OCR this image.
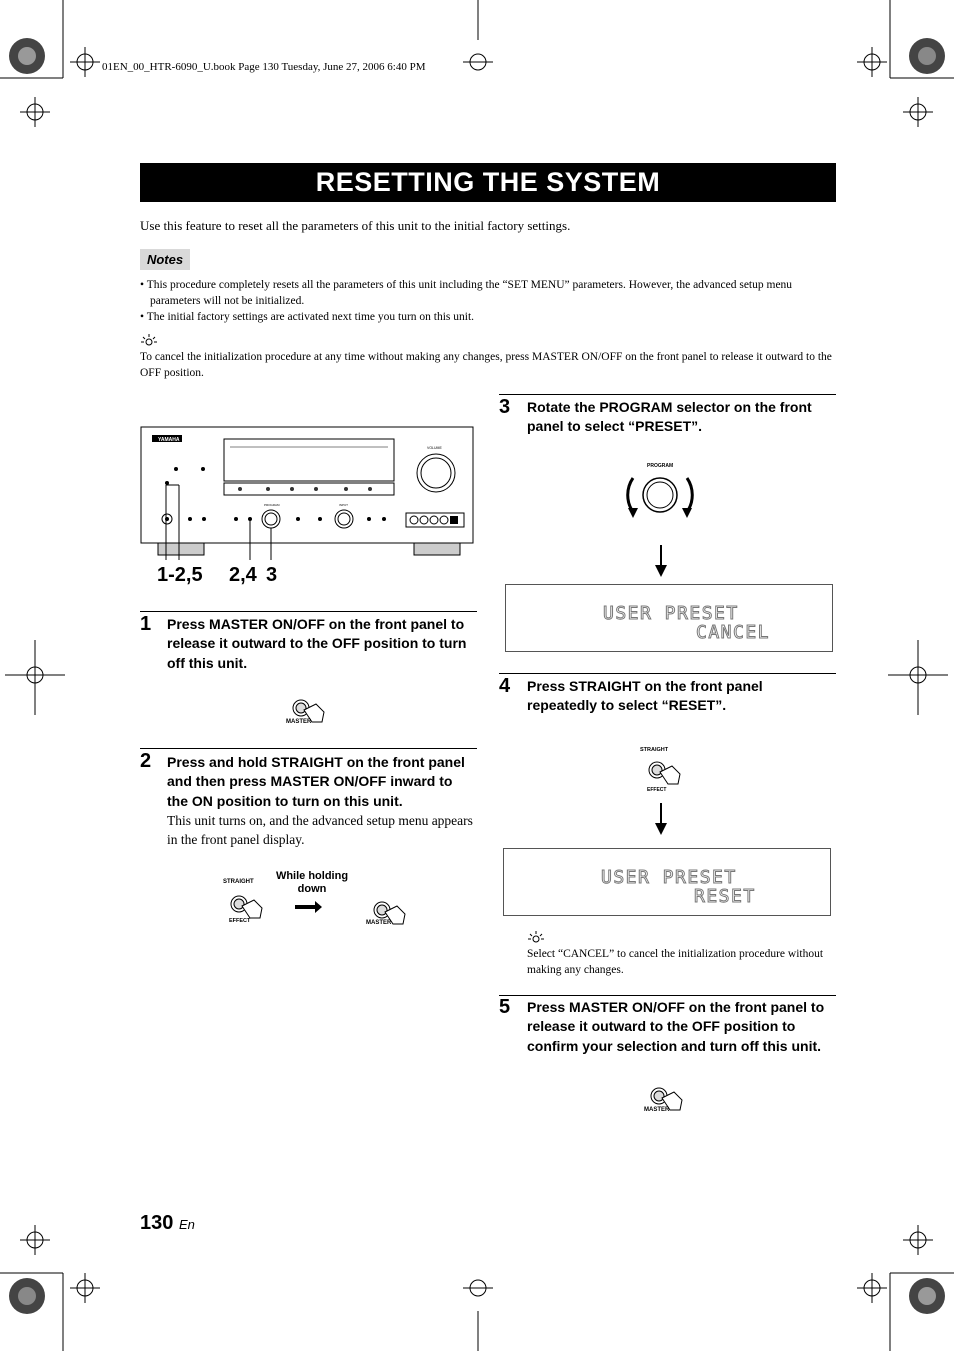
01EN_00_HTR-6090_U.book Page 130 Tuesday, June 27, 2006 6:40 PM
RESETTING THE SYSTEM
Use this feature to reset all the parameters of this unit to the initial factory settings.
Notes
• This procedure completely resets all the parameters of this unit including the “SET MENU” parameters. However, the advanced setup menu parameters will not be initialized.
• The initial factory settings are activated next time you turn on this unit.
To cancel the initialization procedure at any time without making any changes, press MASTER ON/OFF on the front panel to release it outward to the OFF position.
YAMAHA
VOLUME
PROGRAM	INPUT
1-2,5 2,4 3
1 Press MASTER ON/OFF on the front panel to release it outward to the OFF position to turn off this unit.
MASTER
2 Press and hold STRAIGHT on the front panel and then press MASTER ON/OFF inward to the ON position to turn on this unit.
This unit turns on, and the advanced setup menu appears in the front panel display.
STRAIGHT
EFFECT	MASTER
While holding down
3 Rotate the PROGRAM selector on the front panel to select “PRESET”.
PROGRAM
USER PRESET
CANCEL
4 Press STRAIGHT on the front panel repeatedly to select “RESET”.
STRAIGHT
EFFECT
USER PRESET
RESET
Select “CANCEL” to cancel the initialization procedure without making any changes.
5 Press MASTER ON/OFF on the front panel to release it outward to the OFF position to confirm your selection and turn off this unit.
MASTER
130 En
